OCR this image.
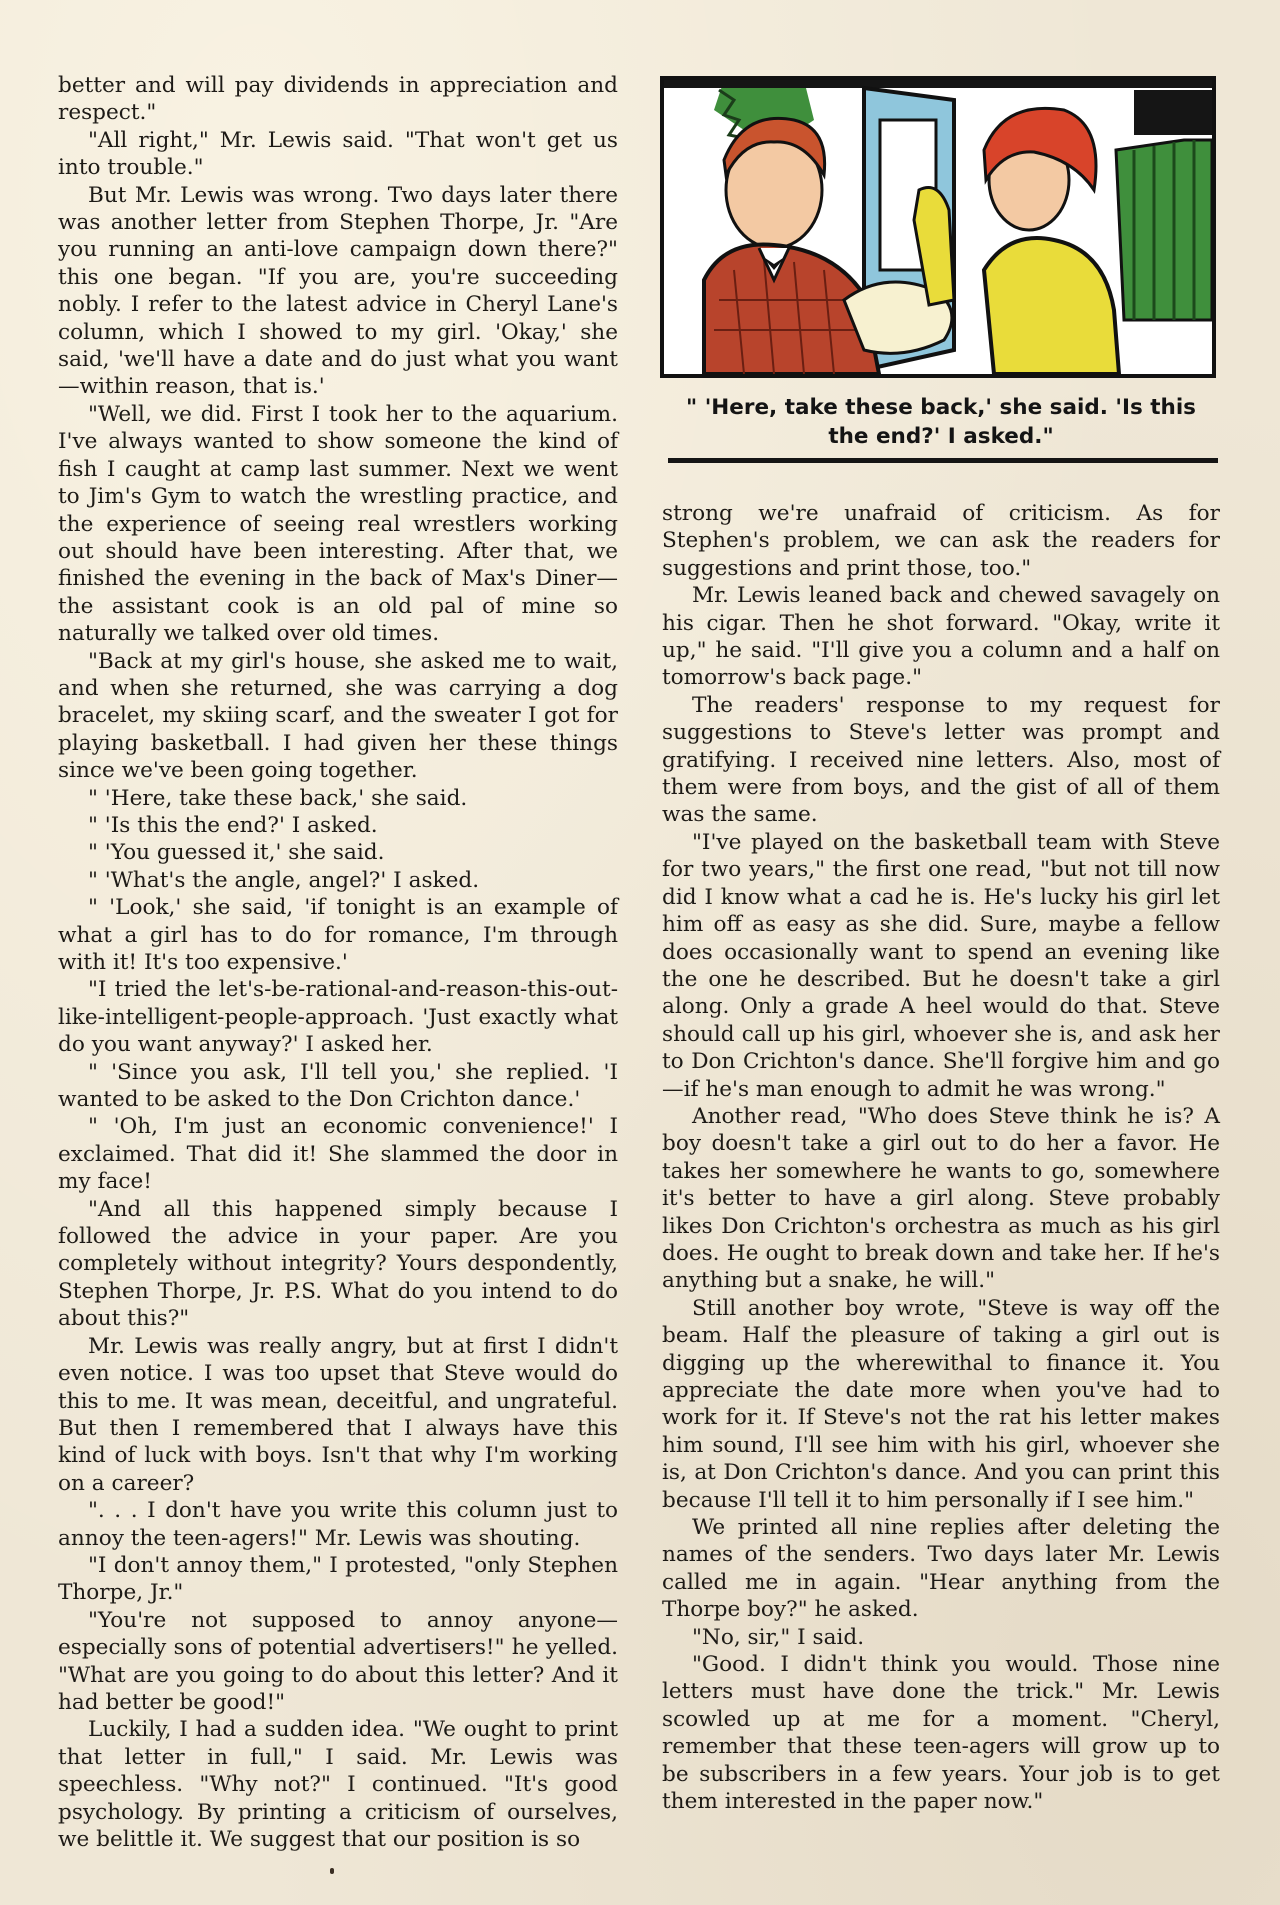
better and will pay dividends in appreciation and respect."

"All right," Mr. Lewis said. "That won't get us into trouble."

But Mr. Lewis was wrong. Two days later there was another letter from Stephen Thorpe, Jr. "Are you running an anti-love campaign down there?" this one began. "If you are, you're succeeding nobly. I refer to the latest advice in Cheryl Lane's column, which I showed to my girl. 'Okay,' she said, 'we'll have a date and do just what you want—within reason, that is.'

"Well, we did. First I took her to the aquarium. I've always wanted to show someone the kind of fish I caught at camp last summer. Next we went to Jim's Gym to watch the wrestling practice, and the experience of seeing real wrestlers working out should have been interesting. After that, we finished the evening in the back of Max's Diner—the assistant cook is an old pal of mine so naturally we talked over old times.

"Back at my girl's house, she asked me to wait, and when she returned, she was carrying a dog bracelet, my skiing scarf, and the sweater I got for playing basketball. I had given her these things since we've been going together.

" 'Here, take these back,' she said.

" 'Is this the end?' I asked.

" 'You guessed it,' she said.

" 'What's the angle, angel?' I asked.

" 'Look,' she said, 'if tonight is an example of what a girl has to do for romance, I'm through with it! It's too expensive.'

"I tried the let's-be-rational-and-reason-this-out-like-intelligent-people-approach. 'Just exactly what do you want anyway?' I asked her.

" 'Since you ask, I'll tell you,' she replied. 'I wanted to be asked to the Don Crichton dance.'

" 'Oh, I'm just an economic convenience!' I exclaimed. That did it! She slammed the door in my face!

"And all this happened simply because I followed the advice in your paper. Are you completely without integrity? Yours despondently, Stephen Thorpe, Jr. P.S. What do you intend to do about this?"

Mr. Lewis was really angry, but at first I didn't even notice. I was too upset that Steve would do this to me. It was mean, deceitful, and ungrateful. But then I remembered that I always have this kind of luck with boys. Isn't that why I'm working on a career?

". . . I don't have you write this column just to annoy the teen-agers!" Mr. Lewis was shouting.

"I don't annoy them," I protested, "only Stephen Thorpe, Jr."

"You're not supposed to annoy anyone—especially sons of potential advertisers!" he yelled. "What are you going to do about this letter? And it had better be good!"

Luckily, I had a sudden idea. "We ought to print that letter in full," I said. Mr. Lewis was speechless. "Why not?" I continued. "It's good psychology. By printing a criticism of ourselves, we belittle it. We suggest that our position is so

" 'Here, take these back,' she said. 'Is this
the end?' I asked."

strong we're unafraid of criticism. As for Stephen's problem, we can ask the readers for suggestions and print those, too."

Mr. Lewis leaned back and chewed savagely on his cigar. Then he shot forward. "Okay, write it up," he said. "I'll give you a column and a half on tomorrow's back page."

The readers' response to my request for suggestions to Steve's letter was prompt and gratifying. I received nine letters. Also, most of them were from boys, and the gist of all of them was the same.

"I've played on the basketball team with Steve for two years," the first one read, "but not till now did I know what a cad he is. He's lucky his girl let him off as easy as she did. Sure, maybe a fellow does occasionally want to spend an evening like the one he described. But he doesn't take a girl along. Only a grade A heel would do that. Steve should call up his girl, whoever she is, and ask her to Don Crichton's dance. She'll forgive him and go—if he's man enough to admit he was wrong."

Another read, "Who does Steve think he is? A boy doesn't take a girl out to do her a favor. He takes her somewhere he wants to go, somewhere it's better to have a girl along. Steve probably likes Don Crichton's orchestra as much as his girl does. He ought to break down and take her. If he's anything but a snake, he will."

Still another boy wrote, "Steve is way off the beam. Half the pleasure of taking a girl out is digging up the wherewithal to finance it. You appreciate the date more when you've had to work for it. If Steve's not the rat his letter makes him sound, I'll see him with his girl, whoever she is, at Don Crichton's dance. And you can print this because I'll tell it to him personally if I see him."

We printed all nine replies after deleting the names of the senders. Two days later Mr. Lewis called me in again. "Hear anything from the Thorpe boy?" he asked.

"No, sir," I said.

"Good. I didn't think you would. Those nine letters must have done the trick." Mr. Lewis scowled up at me for a moment. "Cheryl, remember that these teen-agers will grow up to be subscribers in a few years. Your job is to get them interested in the paper now."
